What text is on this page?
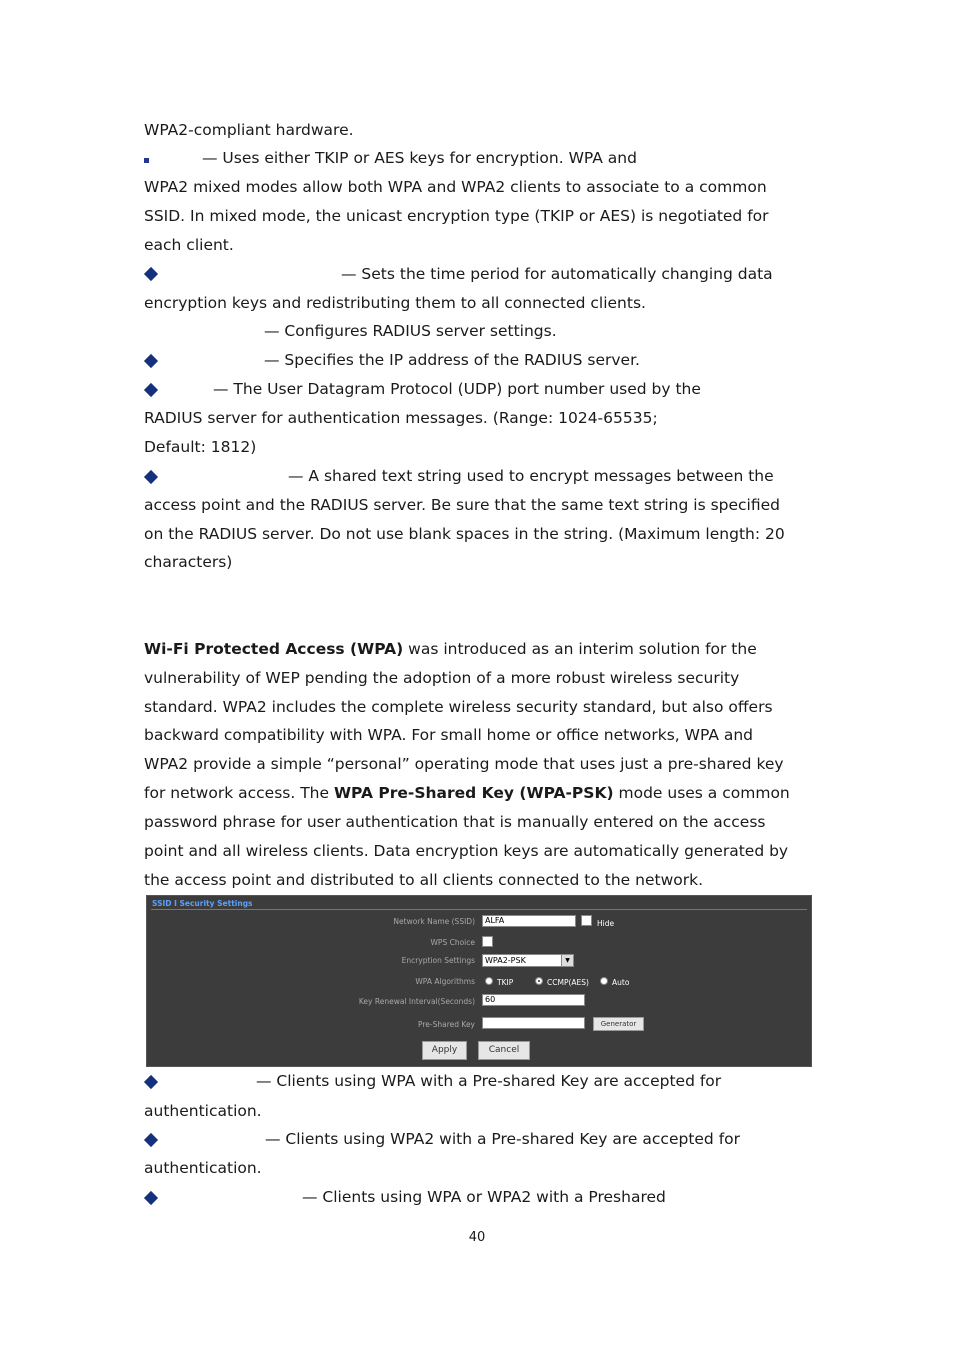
WPA2-compliant hardware.
— Uses either TKIP or AES keys for encryption. WPA and
WPA2 mixed modes allow both WPA and WPA2 clients to associate to a common
SSID. In mixed mode, the unicast encryption type (TKIP or AES) is negotiated for
each client.
— Sets the time period for automatically changing data
encryption keys and redistributing them to all connected clients.
— Configures RADIUS server settings.
— Specifies the IP address of the RADIUS server.
— The User Datagram Protocol (UDP) port number used by the
RADIUS server for authentication messages. (Range: 1024-65535;
Default: 1812)
— A shared text string used to encrypt messages between the
access point and the RADIUS server. Be sure that the same text string is specified
on the RADIUS server. Do not use blank spaces in the string. (Maximum length: 20
characters)
Wi-Fi Protected Access (WPA) was introduced as an interim solution for the
vulnerability of WEP pending the adoption of a more robust wireless security
standard. WPA2 includes the complete wireless security standard, but also offers
backward compatibility with WPA. For small home or office networks, WPA and
WPA2 provide a simple “personal” operating mode that uses just a pre-shared key
for network access. The WPA Pre-Shared Key (WPA-PSK) mode uses a common
password phrase for user authentication that is manually entered on the access
point and all wireless clients. Data encryption keys are automatically generated by
the access point and distributed to all clients connected to the network.
SSID I Security Settings
Network Name (SSID)	ALFA	Hide
WPS Choice
Encryption Settings	WPA2-PSK	▼
WPA Algorithms	TKIP	CCMP(AES)	Auto
Key Renewal Interval(Seconds)	60
Pre-Shared Key	Generator
Apply	Cancel
— Clients using WPA with a Pre-shared Key are accepted for
authentication.
— Clients using WPA2 with a Pre-shared Key are accepted for
authentication.
— Clients using WPA or WPA2 with a Preshared
40
